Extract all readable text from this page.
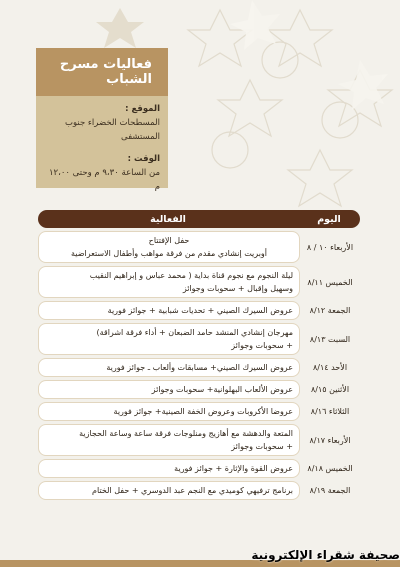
فعاليات مسرح الشباب
الموقع :
المسطحات الخضراء جنوب المستشفى
الوقت :
من الساعة ٩،٣٠ م وحتى ١٢،٠٠ م
اليوم
الفعالية
الأربعاء ١٠ / ٨
حفل الإفتتاح
أوبريت إنشادي مقدم من فرقة مواهب وأطفال الاستعراضية
الخميس ٨/١١
ليلة النجوم مع نجوم قناة بداية ( محمد عباس و إبراهيم النقيب
وسهيل وإقبال + سحوبات وجوائز
الجمعة ٨/١٢
عروض السيرك الصيني + تحديات شبابية + جوائز فورية
السبت ٨/١٣
مهرجان إنشادي المنشد حامد الضبعان + أداء فرقة اشراقة)
+ سحوبات وجوائز
الأحد ٨/١٤
عروض السيرك الصيني+ مسابقات وألعاب ـ جوائز فورية
الأثنين ٨/١٥
عروض الألعاب البهلوانية+ سحوبات وجوائز
الثلاثاء ٨/١٦
عروضا الأكروبات وعروض الخفة الصينية+ جوائز فورية
الأربعاء ٨/١٧
المتعة والدهشة مع أهازيج ومنلوجات فرقة ساعة وساعة الحجازية
+ سحوبات وجوائز
الخميس ٨/١٨
عروض القوة والإثارة + جوائز فورية
الجمعة ٨/١٩
برنامج ترفيهي كوميدي مع النجم عبد الدوسري + حفل الختام
صحيفة شقراء الإلكترونية
